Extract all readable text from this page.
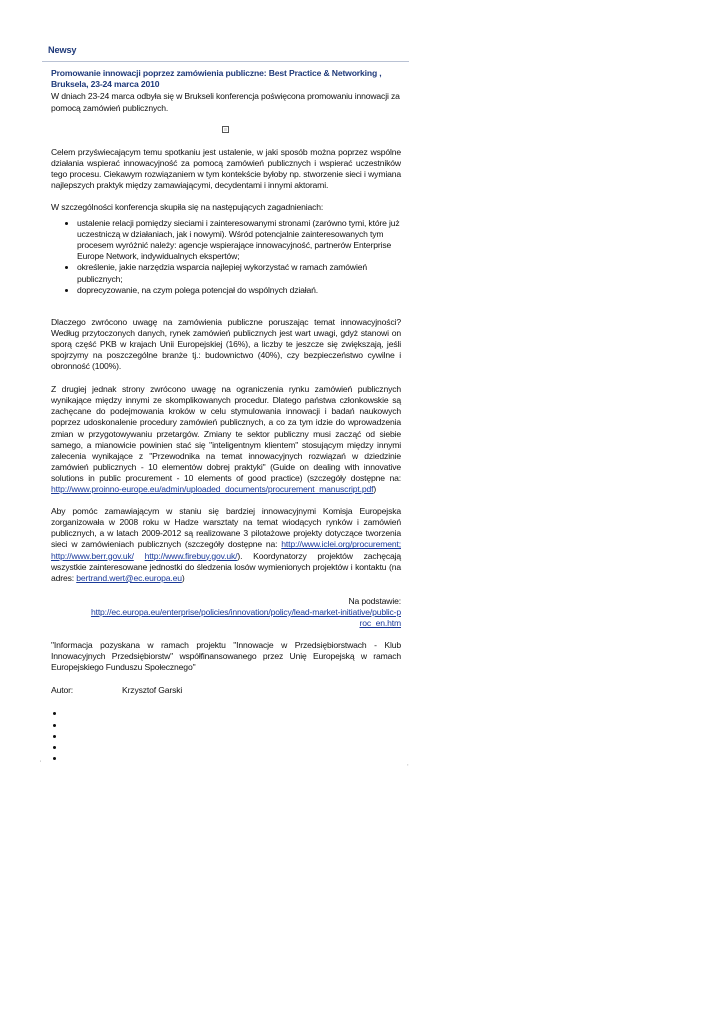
Newsy

Promowanie innowacji poprzez zamówienia publiczne: Best Practice & Networking ,
Bruksela, 23-24 marca 2010

W dniach 23-24 marca odbyła się w Brukseli konferencja poświęcona promowaniu innowacji za pomocą zamówień publicznych.

Celem przyświecającym temu spotkaniu jest ustalenie, w jaki sposób można poprzez wspólne działania wspierać innowacyjność za pomocą zamówień publicznych i wspierać uczestników tego procesu. Ciekawym rozwiązaniem w tym kontekście byłoby np. stworzenie sieci i wymiana najlepszych praktyk między zamawiającymi, decydentami i innymi aktorami.

W szczególności konferencja skupiła się na następujących zagadnieniach:

• ustalenie relacji pomiędzy sieciami i zainteresowanymi stronami (zarówno tymi, które już uczestniczą w działaniach, jak i nowymi). Wśród potencjalnie zainteresowanych tym procesem wyróżnić należy: agencje wspierające innowacyjność, partnerów Enterprise Europe Network, indywidualnych ekspertów;
• określenie, jakie narzędzia wsparcia najlepiej wykorzystać w ramach zamówień publicznych;
• doprecyzowanie, na czym polega potencjał do wspólnych działań.

Dlaczego zwrócono uwagę na zamówienia publiczne poruszając temat innowacyjności? Według przytoczonych danych, rynek zamówień publicznych jest wart uwagi, gdyż stanowi on sporą część PKB w krajach Unii Europejskiej (16%), a liczby te jeszcze się zwiększają, jeśli spojrzymy na poszczególne branże tj.: budownictwo (40%), czy bezpieczeństwo cywilne i obronność (100%).

Z drugiej jednak strony zwrócono uwagę na ograniczenia rynku zamówień publicznych wynikające między innymi ze skomplikowanych procedur. Dlatego państwa członkowskie są zachęcane do podejmowania kroków w celu stymulowania innowacji i badań naukowych poprzez udoskonalenie procedury zamówień publicznych, a co za tym idzie do wprowadzenia zmian w przygotowywaniu przetargów. Zmiany te sektor publiczny musi zacząć od siebie samego, a mianowicie powinien stać się "inteligentnym klientem" stosującym między innymi zalecenia wynikające z "Przewodnika na temat innowacyjnych rozwiązań w dziedzinie zamówień publicznych - 10 elementów dobrej praktyki" (Guide on dealing with innovative solutions in public procurement - 10 elements of good practice) (szczegóły dostępne na: http://www.proinno-europe.eu/admin/uploaded_documents/procurement_manuscript.pdf)

Aby pomóc zamawiającym w staniu się bardziej innowacyjnymi Komisja Europejska zorganizowała w 2008 roku w Hadze warsztaty na temat wiodących rynków i zamówień publicznych, a w latach 2009-2012 są realizowane 3 pilotażowe projekty dotyczące tworzenia sieci w zamówieniach publicznych (szczegóły dostępne na: http://www.iclei.org/procurement; http://www.berr.gov.uk/ http://www.firebuy.gov.uk/). Koordynatorzy projektów zachęcają wszystkie zainteresowane jednostki do śledzenia losów wymienionych projektów i kontaktu (na adres: bertrand.wert@ec.europa.eu)

Na podstawie:
http://ec.europa.eu/enterprise/policies/innovation/policy/lead-market-initiative/public-proc_en.htm

"Informacja pozyskana w ramach projektu "Innowacje w Przedsiębiorstwach - Klub Innowacyjnych Przedsiębiorstw" współfinansowanego przez Unię Europejską w ramach Europejskiego Funduszu Społecznego"

Autor:	Krzysztof Garski
•
•
•
•
•
'	,
